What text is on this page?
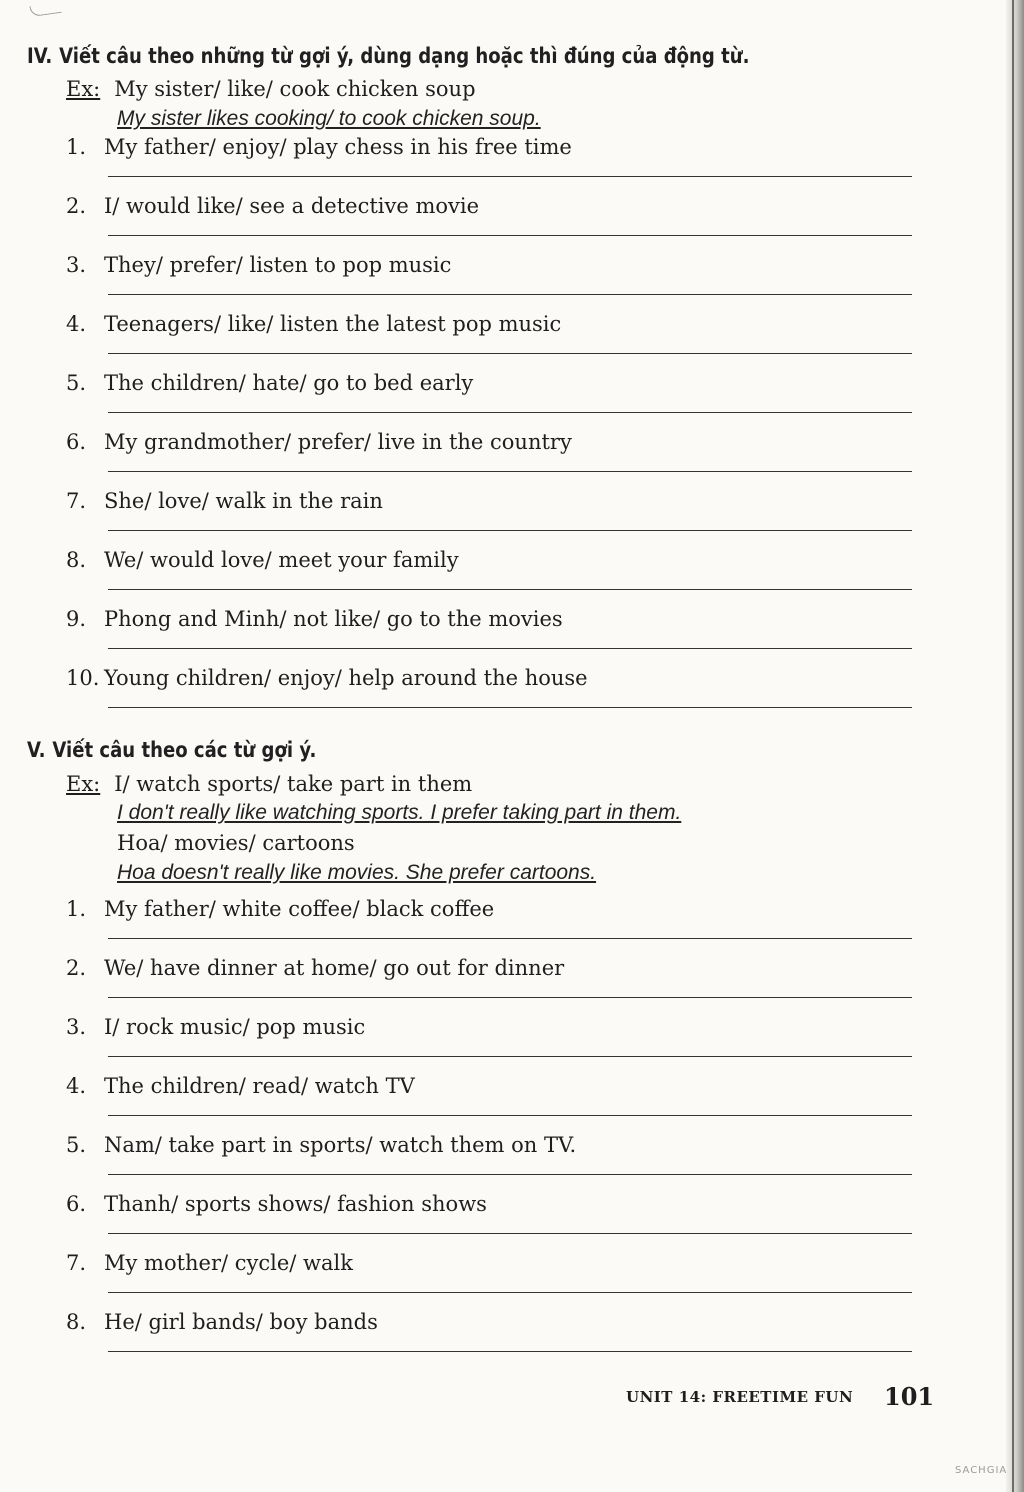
IV. Viết câu theo những từ gợi ý, dùng dạng hoặc thì đúng của động từ.
Ex: My sister/ like/ cook chicken soup
My sister likes cooking/ to cook chicken soup.
1. My father/ enjoy/ play chess in his free time
2. I/ would like/ see a detective movie
3. They/ prefer/ listen to pop music
4. Teenagers/ like/ listen the latest pop music
5. The children/ hate/ go to bed early
6. My grandmother/ prefer/ live in the country
7. She/ love/ walk in the rain
8. We/ would love/ meet your family
9. Phong and Minh/ not like/ go to the movies
10. Young children/ enjoy/ help around the house
V. Viết câu theo các từ gợi ý.
Ex: I/ watch sports/ take part in them
I don't really like watching sports. I prefer taking part in them.
Hoa/ movies/ cartoons
Hoa doesn't really like movies. She prefer cartoons.
1. My father/ white coffee/ black coffee
2. We/ have dinner at home/ go out for dinner
3. I/ rock music/ pop music
4. The children/ read/ watch TV
5. Nam/ take part in sports/ watch them on TV.
6. Thanh/ sports shows/ fashion shows
7. My mother/ cycle/ walk
8. He/ girl bands/ boy bands
UNIT 14: FREETIME FUN 101
SACHGIA
